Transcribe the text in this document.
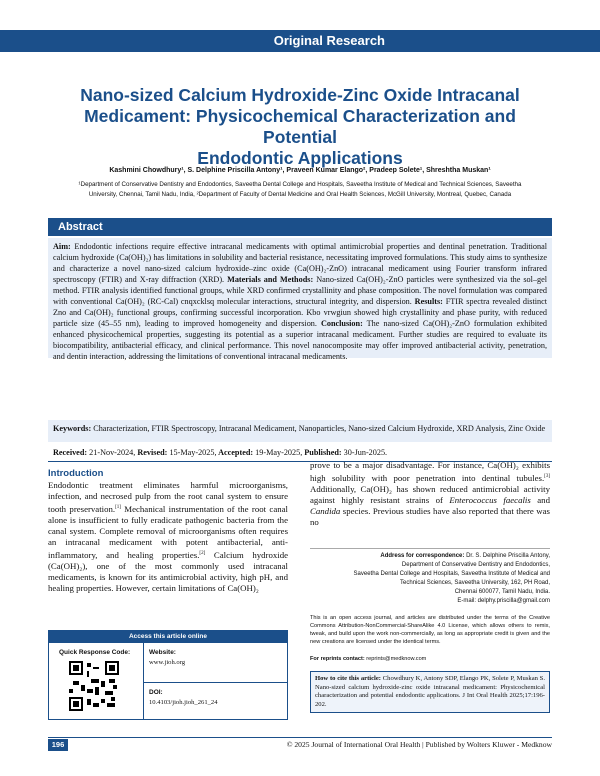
Original Research
Nano-sized Calcium Hydroxide-Zinc Oxide Intracanal
Medicament: Physicochemical Characterization and Potential
Endodontic Applications
Kashmini Chowdhury¹, S. Delphine Priscilla Antony¹, Praveen Kumar Elango², Pradeep Solete¹, Shreshtha Muskan¹
¹Department of Conservative Dentistry and Endodontics, Saveetha Dental College and Hospitals, Saveetha Institute of Medical and Technical Sciences, Saveetha
University, Chennai, Tamil Nadu, India, ²Department of Faculty of Dental Medicine and Oral Health Sciences, McGill University, Montreal, Quebec, Canada
Abstract
Aim: Endodontic infections require effective intracanal medicaments with optimal antimicrobial properties and dentinal penetration. Traditional calcium hydroxide (Ca(OH)₂) has limitations in solubility and bacterial resistance, necessitating improved formulations. This study aims to synthesize and characterize a novel nano-sized calcium hydroxide–zinc oxide (Ca(OH)₂-ZnO) intracanal medicament using Fourier transform infrared spectroscopy (FTIR) and X-ray diffraction (XRD). Materials and Methods: Nano-sized Ca(OH)₂-ZnO particles were synthesized via the sol–gel method. FTIR analysis identified functional groups, while XRD confirmed crystallinity and phase composition. The novel formulation was compared with conventional Ca(OH)₂ (RC-Cal) cnqxcklsq molecular interactions, structural integrity, and dispersion. Results: FTIR spectra revealed distinct Zno and Ca(OH)₂ functional groups, confirming successful incorporation. Kbo vrwgiun showed high crystallinity and phase purity, with reduced particle size (45–55 nm), leading to improved homogeneity and dispersion. Conclusion: The nano-sized Ca(OH)₂-ZnO formulation exhibited enhanced physicochemical properties, suggesting its potential as a superior intracanal medicament. Further studies are required to evaluate its biocompatibility, antibacterial efficacy, and clinical performance. This novel nanocomposite may offer improved antibacterial activity, penetration, and dentin interaction, addressing the limitations of conventional intracanal medicaments.
Keywords: Characterization, FTIR Spectroscopy, Intracanal Medicament, Nanoparticles, Nano-sized Calcium Hydroxide, XRD Analysis, Zinc Oxide
Received: 21-Nov-2024, Revised: 15-May-2025, Accepted: 19-May-2025, Published: 30-Jun-2025.
Introduction
Endodontic treatment eliminates harmful microorganisms, infection, and necrosed pulp from the root canal system to ensure tooth preservation.[1] Mechanical instrumentation of the root canal alone is insufficient to fully eradicate pathogenic bacteria from the canal system. Complete removal of microorganisms often requires an intracanal medicament with potent antibacterial, anti-inflammatory, and healing properties.[2] Calcium hydroxide (Ca(OH)₂), one of the most commonly used intracanal medicaments, is known for its antimicrobial activity, high pH, and healing properties. However, certain limitations of Ca(OH)₂
prove to be a major disadvantage. For instance, Ca(OH)₂ exhibits high solubility with poor penetration into dentinal tubules.[3] Additionally, Ca(OH)₂ has shown reduced antimicrobial activity against highly resistant strains of Enterococcus faecalis and Candida species. Previous studies have also reported that there was no
Address for correspondence: Dr. S. Delphine Priscilla Antony,
Department of Conservative Dentistry and Endodontics,
Saveetha Dental College and Hospitals, Saveetha Institute of Medical and
Technical Sciences, Saveetha University, 162, PH Road,
Chennai 600077, Tamil Nadu, India.
E-mail: delphy.priscilla@gmail.com
This is an open access journal, and articles are distributed under the terms of the Creative Commons Attribution-NonCommercial-ShareAlike 4.0 License, which allows others to remix, tweak, and build upon the work non-commercially, as long as appropriate credit is given and the new creations are licensed under the identical terms.
For reprints contact: reprints@medknow.com
How to cite this article: Chowdhury K, Antony SDP, Elango PK, Solete P, Muskan S. Nano-sized calcium hydroxide-zinc oxide intracanal medicament: Physicochemical characterization and potential endodontic applications. J Int Oral Health 2025;17:196-202.
Access this article online
Quick Response Code:	Website:
www.jioh.org
DOI:
10.4103/jioh.jioh_261_24
196	© 2025 Journal of International Oral Health | Published by Wolters Kluwer - Medknow
